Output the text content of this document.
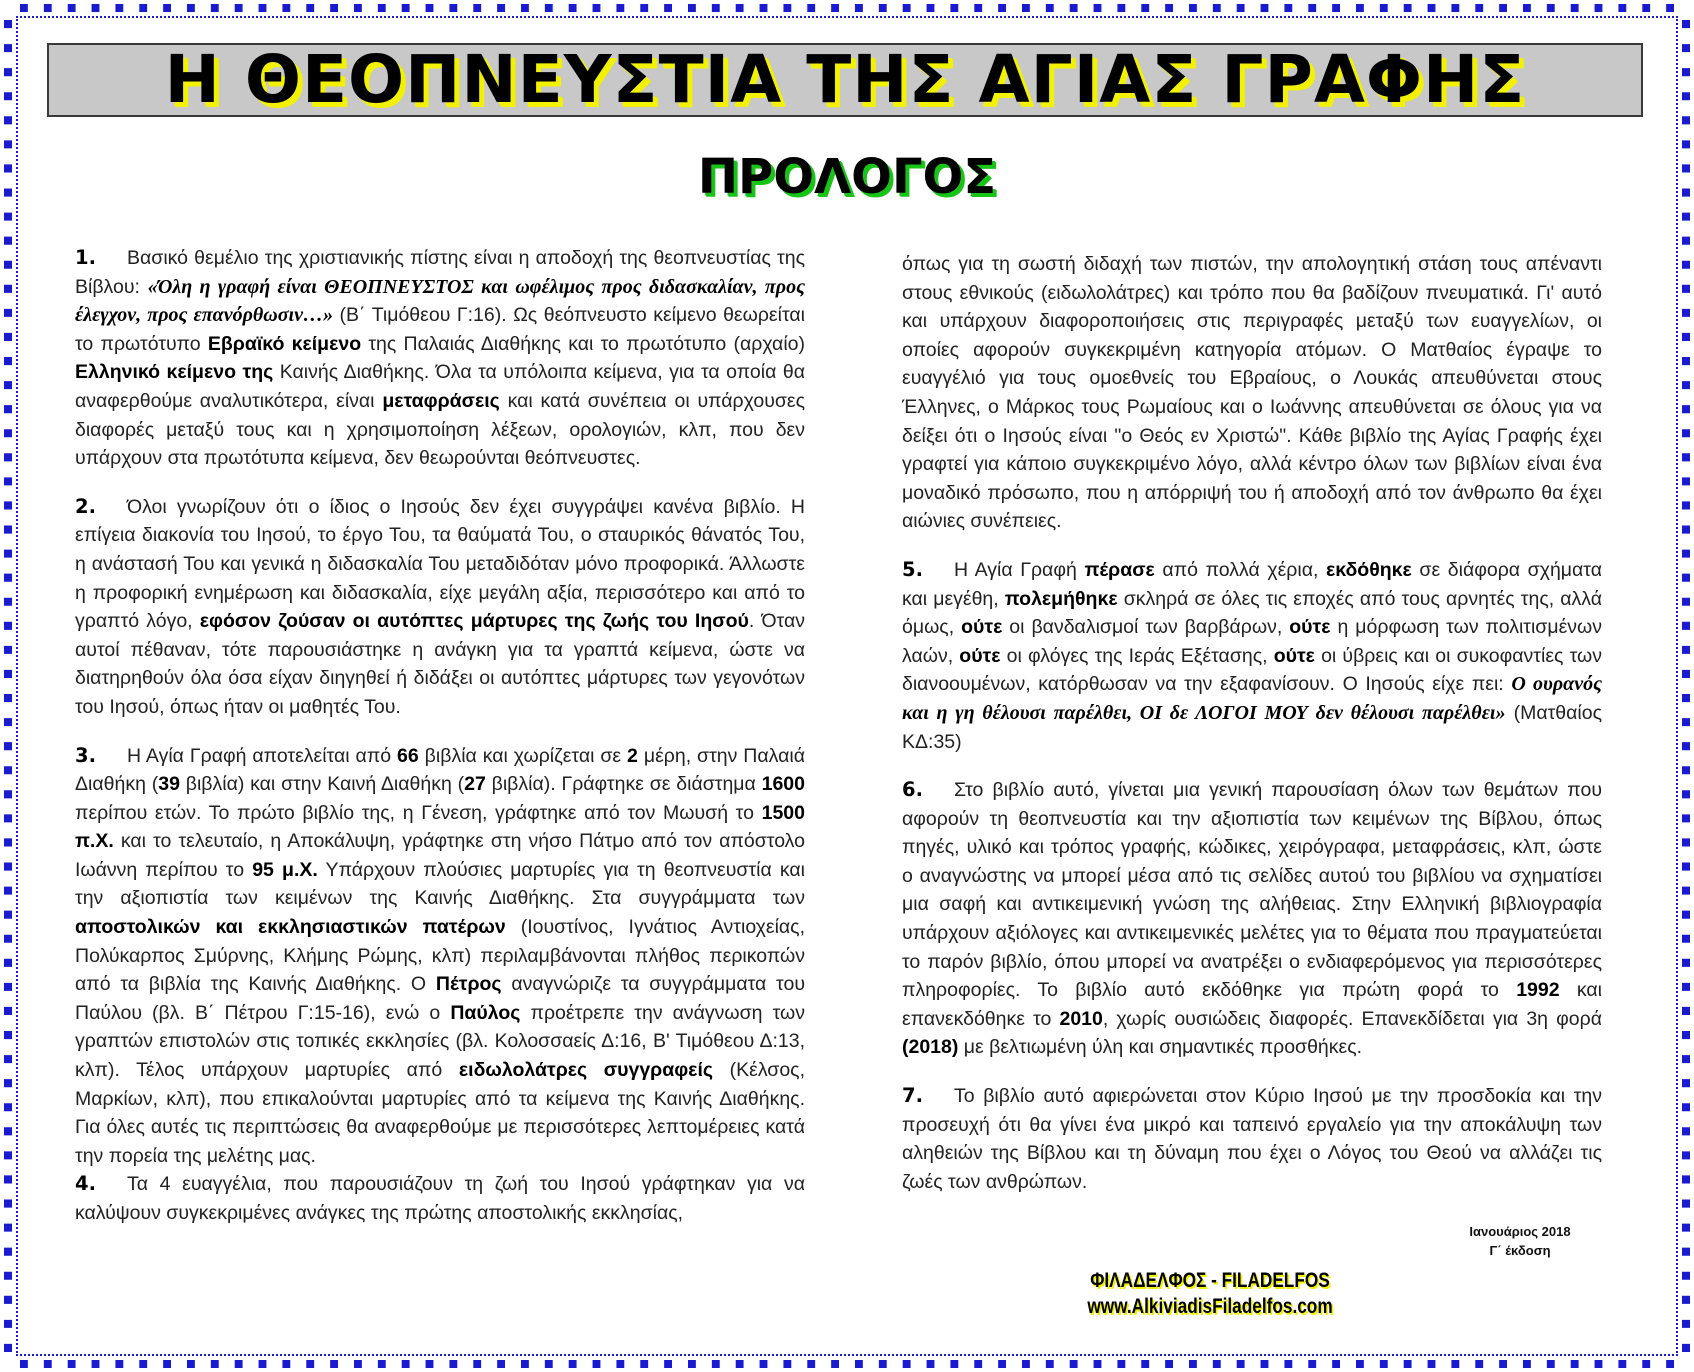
Η ΘΕΟΠΝΕΥΣΤΙΑ ΤΗΣ ΑΓΙΑΣ ΓΡΑΦΗΣ
ΠΡΟΛΟΓΟΣ

1. Βασικό θεμέλιο της χριστιανικής πίστης είναι η αποδοχή της θεοπνευστίας της Βίβλου: «Όλη η γραφή είναι ΘΕΟΠΝΕΥΣΤΟΣ και ωφέλιμος προς διδασκαλίαν, προς έλεγχον, προς επανόρθωσιν…» (Β΄ Τιμόθεου Γ:16). Ως θεόπνευστο κείμενο θεωρείται το πρωτότυπο Εβραϊκό κείμενο της Παλαιάς Διαθήκης και το πρωτότυπο (αρχαίο) Ελληνικό κείμενο της Καινής Διαθήκης. Όλα τα υπόλοιπα κείμενα, για τα οποία θα αναφερθούμε αναλυτικότερα, είναι μεταφράσεις και κατά συνέπεια οι υπάρχουσες διαφορές μεταξύ τους και η χρησιμοποίηση λέξεων, ορολογιών, κλπ, που δεν υπάρχουν στα πρωτότυπα κείμενα, δεν θεωρούνται θεόπνευστες.

2. Όλοι γνωρίζουν ότι ο ίδιος ο Ιησούς δεν έχει συγγράψει κανένα βιβλίο. Η επίγεια διακονία του Ιησού, το έργο Του, τα θαύματά Του, ο σταυρικός θάνατός Του, η ανάστασή Του και γενικά η διδασκαλία Του μεταδιδόταν μόνο προφορικά. Άλλωστε η προφορική ενημέρωση και διδασκαλία, είχε μεγάλη αξία, περισσότερο και από το γραπτό λόγο, εφόσον ζούσαν οι αυτόπτες μάρτυρες της ζωής του Ιησού. Όταν αυτοί πέθαναν, τότε παρουσιάστηκε η ανάγκη για τα γραπτά κείμενα, ώστε να διατηρηθούν όλα όσα είχαν διηγηθεί ή διδάξει οι αυτόπτες μάρτυρες των γεγονότων του Ιησού, όπως ήταν οι μαθητές Του.

3. Η Αγία Γραφή αποτελείται από 66 βιβλία και χωρίζεται σε 2 μέρη, στην Παλαιά Διαθήκη (39 βιβλία) και στην Καινή Διαθήκη (27 βιβλία). Γράφτηκε σε διάστημα 1600 περίπου ετών. Το πρώτο βιβλίο της, η Γένεση, γράφτηκε από τον Μωυσή το 1500 π.Χ. και το τελευταίο, η Αποκάλυψη, γράφτηκε στη νήσο Πάτμο από τον απόστολο Ιωάννη περίπου το 95 μ.Χ. Υπάρχουν πλούσιες μαρτυρίες για τη θεοπνευστία και την αξιοπιστία των κειμένων της Καινής Διαθήκης. Στα συγγράμματα των αποστολικών και εκκλησιαστικών πατέρων (Ιουστίνος, Ιγνάτιος Αντιοχείας, Πολύκαρπος Σμύρνης, Κλήμης Ρώμης, κλπ) περιλαμβάνονται πλήθος περικοπών από τα βιβλία της Καινής Διαθήκης. Ο Πέτρος αναγνώριζε τα συγγράμματα του Παύλου (βλ. Β΄ Πέτρου Γ:15-16), ενώ ο Παύλος προέτρεπε την ανάγνωση των γραπτών επιστολών στις τοπικές εκκλησίες (βλ. Κολοσσαείς Δ:16, Β' Τιμόθεου Δ:13, κλπ). Τέλος υπάρχουν μαρτυρίες από ειδωλολάτρες συγγραφείς (Κέλσος, Μαρκίων, κλπ), που επικαλούνται μαρτυρίες από τα κείμενα της Καινής Διαθήκης. Για όλες αυτές τις περιπτώσεις θα αναφερθούμε με περισσότερες λεπτομέρειες κατά την πορεία της μελέτης μας.

4. Τα 4 ευαγγέλια, που παρουσιάζουν τη ζωή του Ιησού γράφτηκαν για να καλύψουν συγκεκριμένες ανάγκες της πρώτης αποστολικής εκκλησίας,

όπως για τη σωστή διδαχή των πιστών, την απολογητική στάση τους απέναντι στους εθνικούς (ειδωλολάτρες) και τρόπο που θα βαδίζουν πνευματικά. Γι' αυτό και υπάρχουν διαφοροποιήσεις στις περιγραφές μεταξύ των ευαγγελίων, οι οποίες αφορούν συγκεκριμένη κατηγορία ατόμων. Ο Ματθαίος έγραψε το ευαγγέλιό για τους ομοεθνείς του Εβραίους, ο Λουκάς απευθύνεται στους Έλληνες, ο Μάρκος τους Ρωμαίους και ο Ιωάννης απευθύνεται σε όλους για να δείξει ότι ο Ιησούς είναι "ο Θεός εν Χριστώ". Κάθε βιβλίο της Αγίας Γραφής έχει γραφτεί για κάποιο συγκεκριμένο λόγο, αλλά κέντρο όλων των βιβλίων είναι ένα μοναδικό πρόσωπο, που η απόρριψή του ή αποδοχή από τον άνθρωπο θα έχει αιώνιες συνέπειες.

5. Η Αγία Γραφή πέρασε από πολλά χέρια, εκδόθηκε σε διάφορα σχήματα και μεγέθη, πολεμήθηκε σκληρά σε όλες τις εποχές από τους αρνητές της, αλλά όμως, ούτε οι βανδαλισμοί των βαρβάρων, ούτε η μόρφωση των πολιτισμένων λαών, ούτε οι φλόγες της Ιεράς Εξέτασης, ούτε οι ύβρεις και οι συκοφαντίες των διανοουμένων, κατόρθωσαν να την εξαφανίσουν. Ο Ιησούς είχε πει: Ο ουρανός και η γη θέλουσι παρέλθει, ΟΙ δε ΛΟΓΟΙ ΜΟΥ δεν θέλουσι παρέλθει» (Ματθαίος ΚΔ:35)

6. Στο βιβλίο αυτό, γίνεται μια γενική παρουσίαση όλων των θεμάτων που αφορούν τη θεοπνευστία και την αξιοπιστία των κειμένων της Βίβλου, όπως πηγές, υλικό και τρόπος γραφής, κώδικες, χειρόγραφα, μεταφράσεις, κλπ, ώστε ο αναγνώστης να μπορεί μέσα από τις σελίδες αυτού του βιβλίου να σχηματίσει μια σαφή και αντικειμενική γνώση της αλήθειας. Στην Ελληνική βιβλιογραφία υπάρχουν αξιόλογες και αντικειμενικές μελέτες για το θέματα που πραγματεύεται το παρόν βιβλίο, όπου μπορεί να ανατρέξει ο ενδιαφερόμενος για περισσότερες πληροφορίες. Το βιβλίο αυτό εκδόθηκε για πρώτη φορά το 1992 και επανεκδόθηκε το 2010, χωρίς ουσιώδεις διαφορές. Επανεκδίδεται για 3η φορά (2018) με βελτιωμένη ύλη και σημαντικές προσθήκες.

7. Το βιβλίο αυτό αφιερώνεται στον Κύριο Ιησού με την προσδοκία και την προσευχή ότι θα γίνει ένα μικρό και ταπεινό εργαλείο για την αποκάλυψη των αληθειών της Βίβλου και τη δύναμη που έχει ο Λόγος του Θεού να αλλάζει τις ζωές των ανθρώπων.

Ιανουάριος 2018
Γ΄ έκδοση
ΦΙΛΑΔΕΛΦΟΣ - FILADELFOS
www.AlkiviadisFiladelfos.com
